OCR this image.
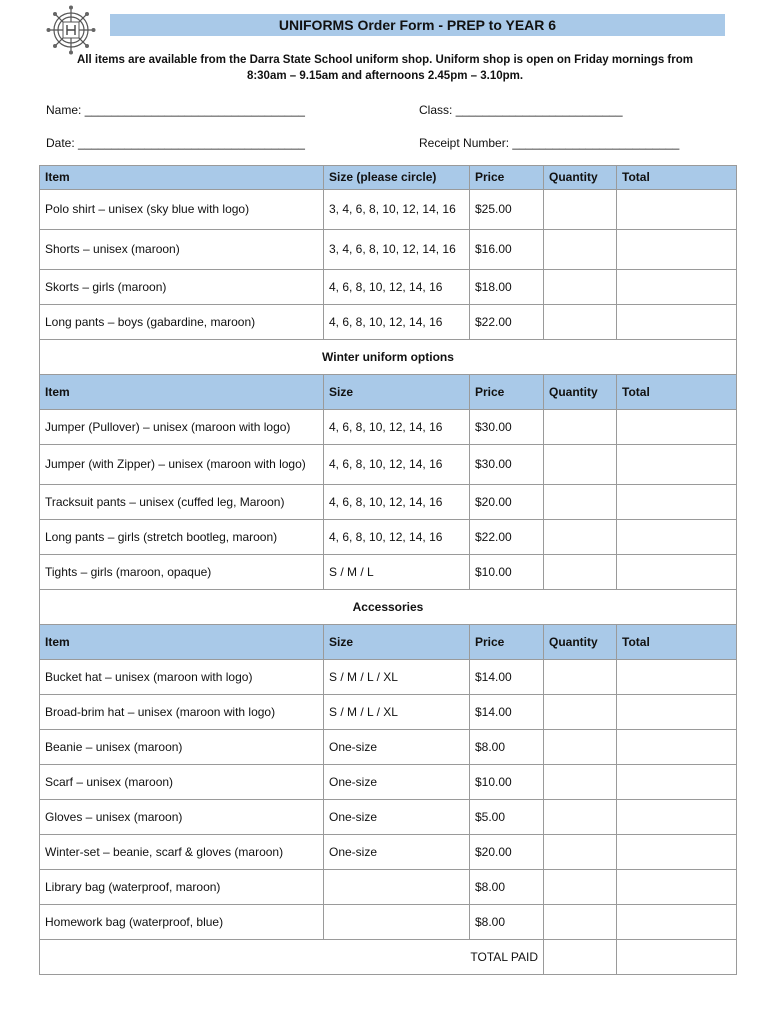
UNIFORMS Order Form - PREP to YEAR 6
All items are available from the Darra State School uniform shop. Uniform shop is open on Friday mornings from
8:30am – 9.15am and afternoons 2.45pm – 3.10pm.
Name: _________________________________	Class: _________________________
Date: __________________________________	Receipt Number: _________________________
Item	Size (please circle)	Price	Quantity	Total
Polo shirt – unisex (sky blue with logo)	3, 4, 6, 8, 10, 12, 14, 16	$25.00		
Shorts – unisex (maroon)	3, 4, 6, 8, 10, 12, 14, 16	$16.00		
Skorts – girls (maroon)	4, 6, 8, 10, 12, 14, 16	$18.00		
Long pants – boys (gabardine, maroon)	4, 6, 8, 10, 12, 14, 16	$22.00		
Winter uniform options				
Item	Size	Price	Quantity	Total
Jumper (Pullover) – unisex (maroon with logo)	4, 6, 8, 10, 12, 14, 16	$30.00		
Jumper (with Zipper) – unisex (maroon with logo)	4, 6, 8, 10, 12, 14, 16	$30.00		
Tracksuit pants – unisex (cuffed leg, Maroon)	4, 6, 8, 10, 12, 14, 16	$20.00		
Long pants – girls (stretch bootleg, maroon)	4, 6, 8, 10, 12, 14, 16	$22.00		
Tights – girls (maroon, opaque)	S / M / L	$10.00		
Accessories				
Item	Size	Price	Quantity	Total
Bucket hat – unisex (maroon with logo)	S / M / L / XL	$14.00		
Broad-brim hat – unisex (maroon with logo)	S / M / L / XL	$14.00		
Beanie – unisex (maroon)	One-size	$8.00		
Scarf – unisex (maroon)	One-size	$10.00		
Gloves – unisex (maroon)	One-size	$5.00		
Winter-set – beanie, scarf & gloves (maroon)	One-size	$20.00		
Library bag (waterproof, maroon)		$8.00		
Homework bag (waterproof, blue)		$8.00		
TOTAL PAID				
